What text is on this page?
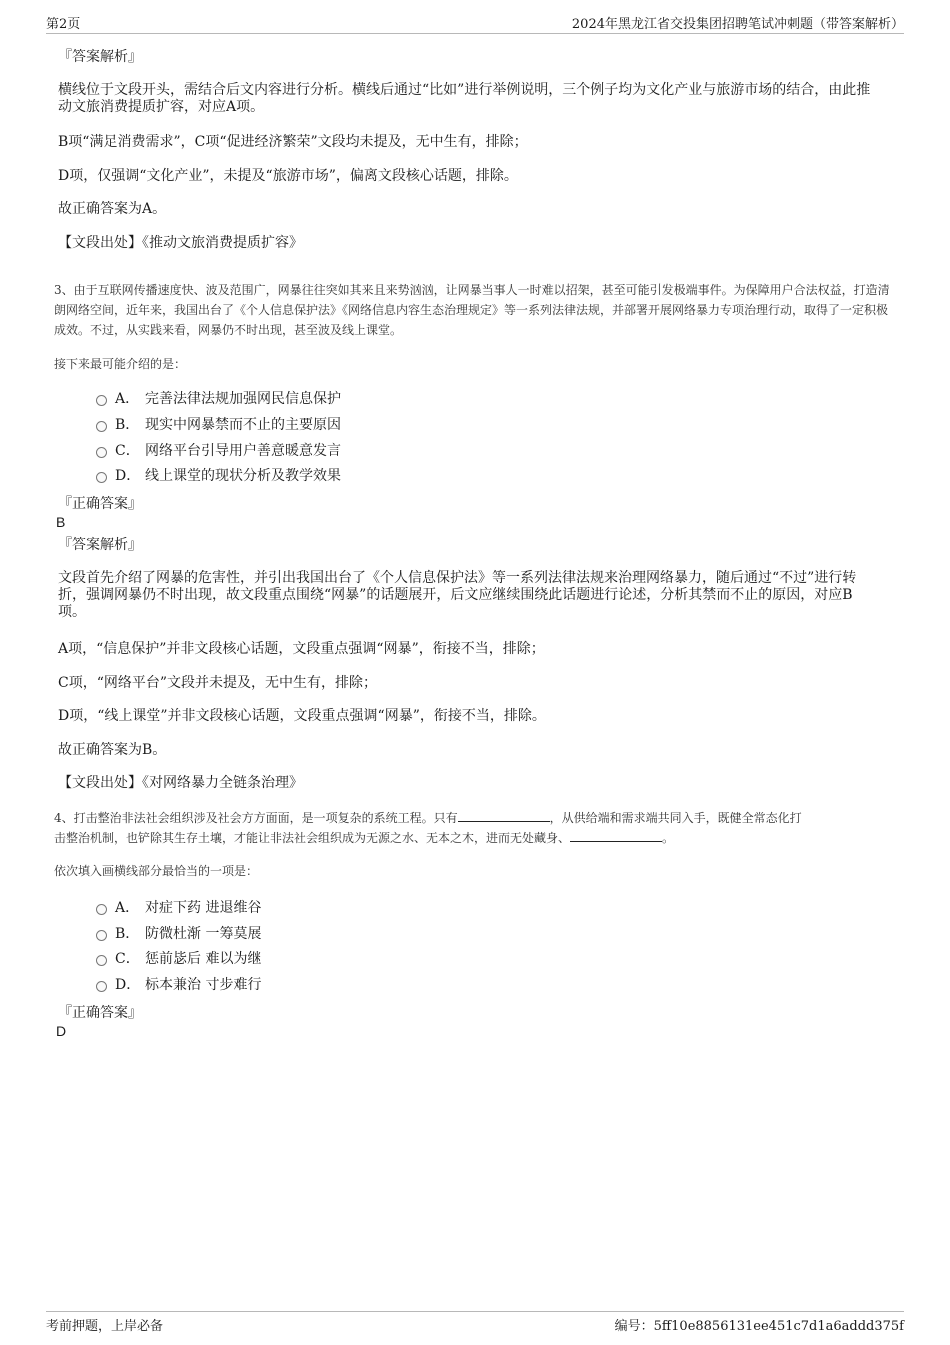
第2页	2024年黑龙江省交投集团招聘笔试冲刺题（带答案解析）
『答案解析』
横线位于文段开头，需结合后文内容进行分析。横线后通过“比如”进行举例说明，三个例子均为文化产业与旅游市场的结合，由此推动文旅消费提质扩容，对应A项。
B项“满足消费需求”，C项“促进经济繁荣”文段均未提及，无中生有，排除；
D项，仅强调“文化产业”，未提及“旅游市场”，偏离文段核心话题，排除。
故正确答案为A。
【文段出处】《推动文旅消费提质扩容》
3、由于互联网传播速度快、波及范围广，网暴往往突如其来且来势汹汹，让网暴当事人一时难以招架，甚至可能引发极端事件。为保障用户合法权益，打造清朗网络空间，近年来，我国出台了《个人信息保护法》《网络信息内容生态治理规定》等一系列法律法规，并部署开展网络暴力专项治理行动，取得了一定积极成效。不过，从实践来看，网暴仍不时出现，甚至波及线上课堂。
接下来最可能介绍的是：
A． 完善法律法规加强网民信息保护
B． 现实中网暴禁而不止的主要原因
C． 网络平台引导用户善意暖意发言
D． 线上课堂的现状分析及教学效果
『正确答案』
B
『答案解析』
文段首先介绍了网暴的危害性，并引出我国出台了《个人信息保护法》等一系列法律法规来治理网络暴力，随后通过“不过”进行转折，强调网暴仍不时出现，故文段重点围绕“网暴”的话题展开，后文应继续围绕此话题进行论述，分析其禁而不止的原因，对应B项。
A项，“信息保护”并非文段核心话题，文段重点强调“网暴”，衔接不当，排除；
C项，“网络平台”文段并未提及，无中生有，排除；
D项，“线上课堂”并非文段核心话题，文段重点强调“网暴”，衔接不当，排除。
故正确答案为B。
【文段出处】《对网络暴力全链条治理》
4、打击整治非法社会组织涉及社会方方面面，是一项复杂的系统工程。只有	，从供给端和需求端共同入手，既健全常态化打
击整治机制，也铲除其生存土壤，才能让非法社会组织成为无源之水、无本之木，进而无处藏身、	。
依次填入画横线部分最恰当的一项是：
A． 对症下药 进退维谷
B． 防微杜渐 一筹莫展
C． 惩前毖后 难以为继
D． 标本兼治 寸步难行
『正确答案』
D
考前押题，上岸必备	编号：5ff10e8856131ee451c7d1a6addd375f
